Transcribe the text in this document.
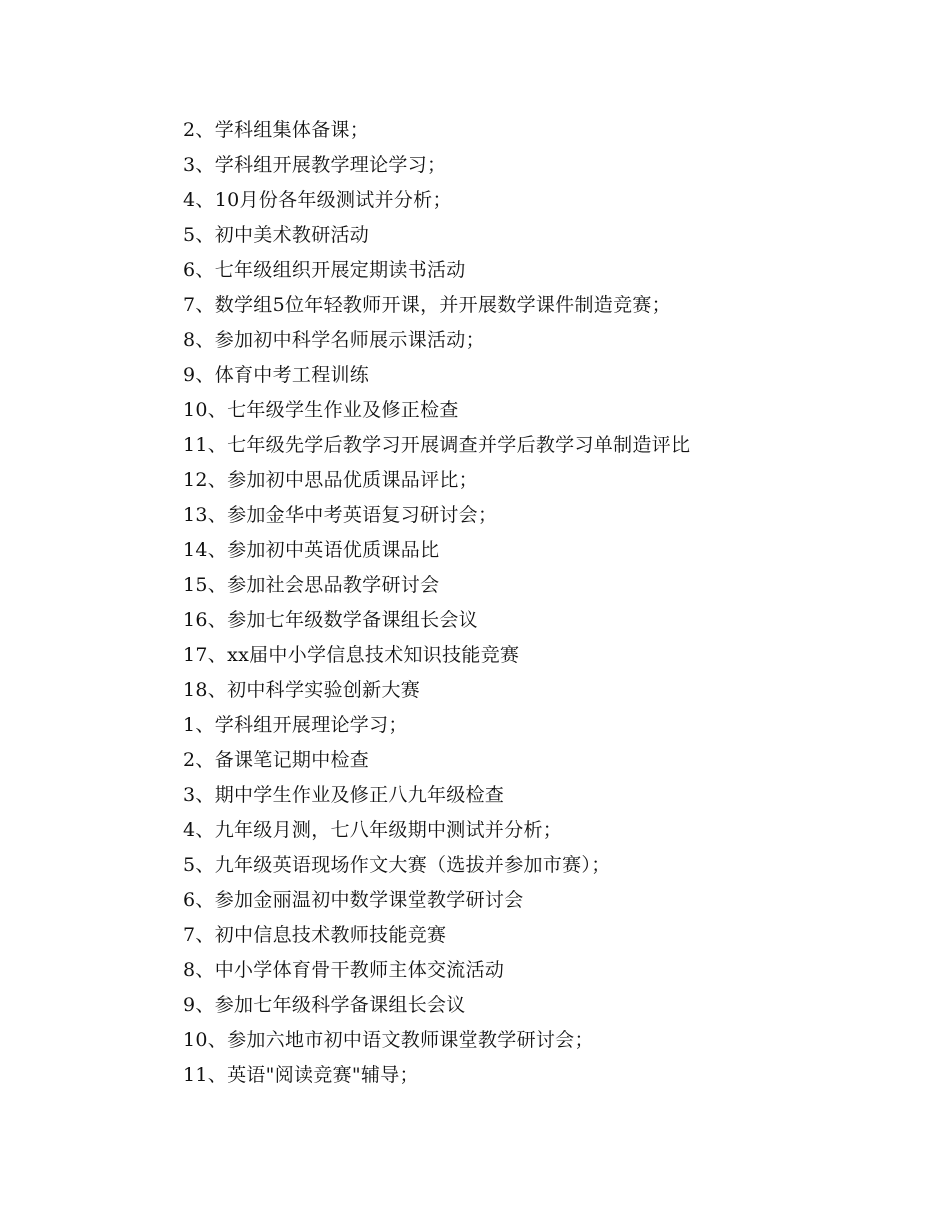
2、学科组集体备课；
3、学科组开展教学理论学习；
4、10月份各年级测试并分析；
5、初中美术教研活动
6、七年级组织开展定期读书活动
7、数学组5位年轻教师开课，并开展数学课件制造竞赛；
8、参加初中科学名师展示课活动；
9、体育中考工程训练
10、七年级学生作业及修正检查
11、七年级先学后教学习开展调查并学后教学习单制造评比
12、参加初中思品优质课品评比；
13、参加金华中考英语复习研讨会；
14、参加初中英语优质课品比
15、参加社会思品教学研讨会
16、参加七年级数学备课组长会议
17、xx届中小学信息技术知识技能竞赛
18、初中科学实验创新大赛
1、学科组开展理论学习；
2、备课笔记期中检查
3、期中学生作业及修正八九年级检查
4、九年级月测，七八年级期中测试并分析；
5、九年级英语现场作文大赛（选拔并参加市赛）；
6、参加金丽温初中数学课堂教学研讨会
7、初中信息技术教师技能竞赛
8、中小学体育骨干教师主体交流活动
9、参加七年级科学备课组长会议
10、参加六地市初中语文教师课堂教学研讨会；
11、英语"阅读竞赛"辅导；
